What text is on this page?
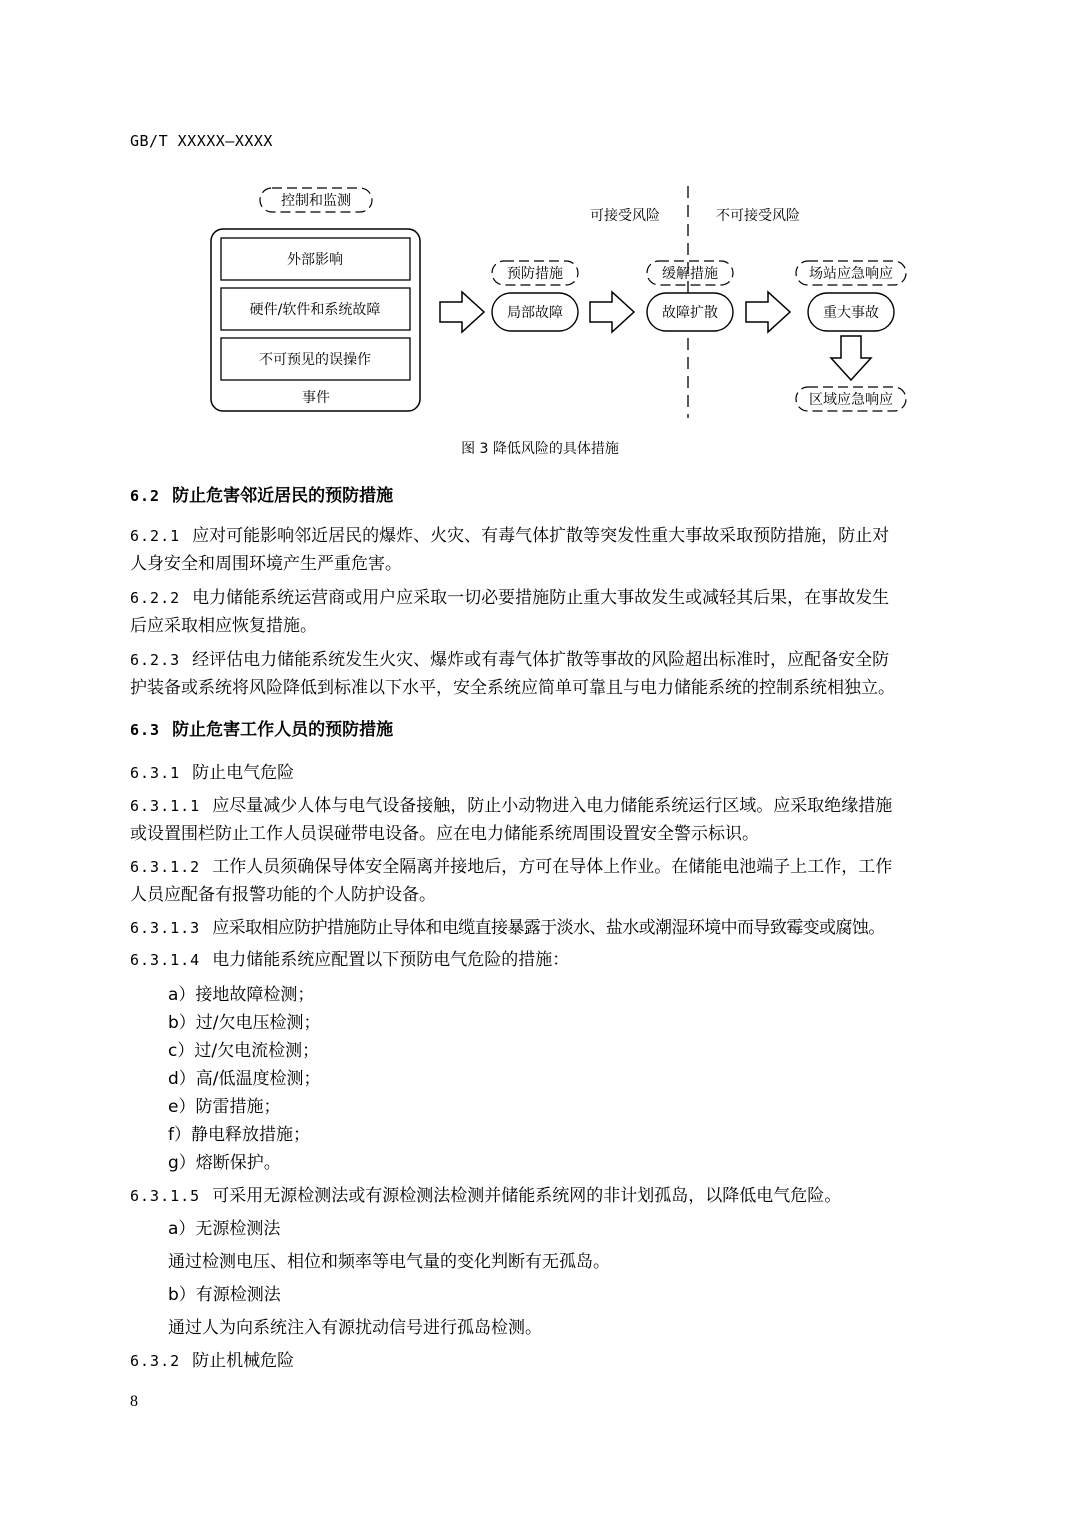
GB/T XXXXX—XXXX
控制和监测
外部影响
硬件/软件和系统故障
不可预见的误操作
事件
可接受风险	不可接受风险
预防措施
局部故障
缓解措施
故障扩散
场站应急响应
重大事故
区域应急响应
图 3 降低风险的具体措施
6.2 防止危害邻近居民的预防措施
6.2.1 应对可能影响邻近居民的爆炸、火灾、有毒气体扩散等突发性重大事故采取预防措施，防止对
人身安全和周围环境产生严重危害。
6.2.2 电力储能系统运营商或用户应采取一切必要措施防止重大事故发生或减轻其后果，在事故发生
后应采取相应恢复措施。
6.2.3 经评估电力储能系统发生火灾、爆炸或有毒气体扩散等事故的风险超出标准时，应配备安全防
护装备或系统将风险降低到标准以下水平，安全系统应简单可靠且与电力储能系统的控制系统相独立。
6.3 防止危害工作人员的预防措施
6.3.1 防止电气危险
6.3.1.1 应尽量减少人体与电气设备接触，防止小动物进入电力储能系统运行区域。应采取绝缘措施
或设置围栏防止工作人员误碰带电设备。应在电力储能系统周围设置安全警示标识。
6.3.1.2 工作人员须确保导体安全隔离并接地后，方可在导体上作业。在储能电池端子上工作，工作
人员应配备有报警功能的个人防护设备。
6.3.1.3 应采取相应防护措施防止导体和电缆直接暴露于淡水、盐水或潮湿环境中而导致霉变或腐蚀。
6.3.1.4 电力储能系统应配置以下预防电气危险的措施：
a）接地故障检测；
b）过/欠电压检测；
c）过/欠电流检测；
d）高/低温度检测；
e）防雷措施；
f）静电释放措施；
g）熔断保护。
6.3.1.5 可采用无源检测法或有源检测法检测并储能系统网的非计划孤岛，以降低电气危险。
a）无源检测法
通过检测电压、相位和频率等电气量的变化判断有无孤岛。
b）有源检测法
通过人为向系统注入有源扰动信号进行孤岛检测。
6.3.2 防止机械危险
8
